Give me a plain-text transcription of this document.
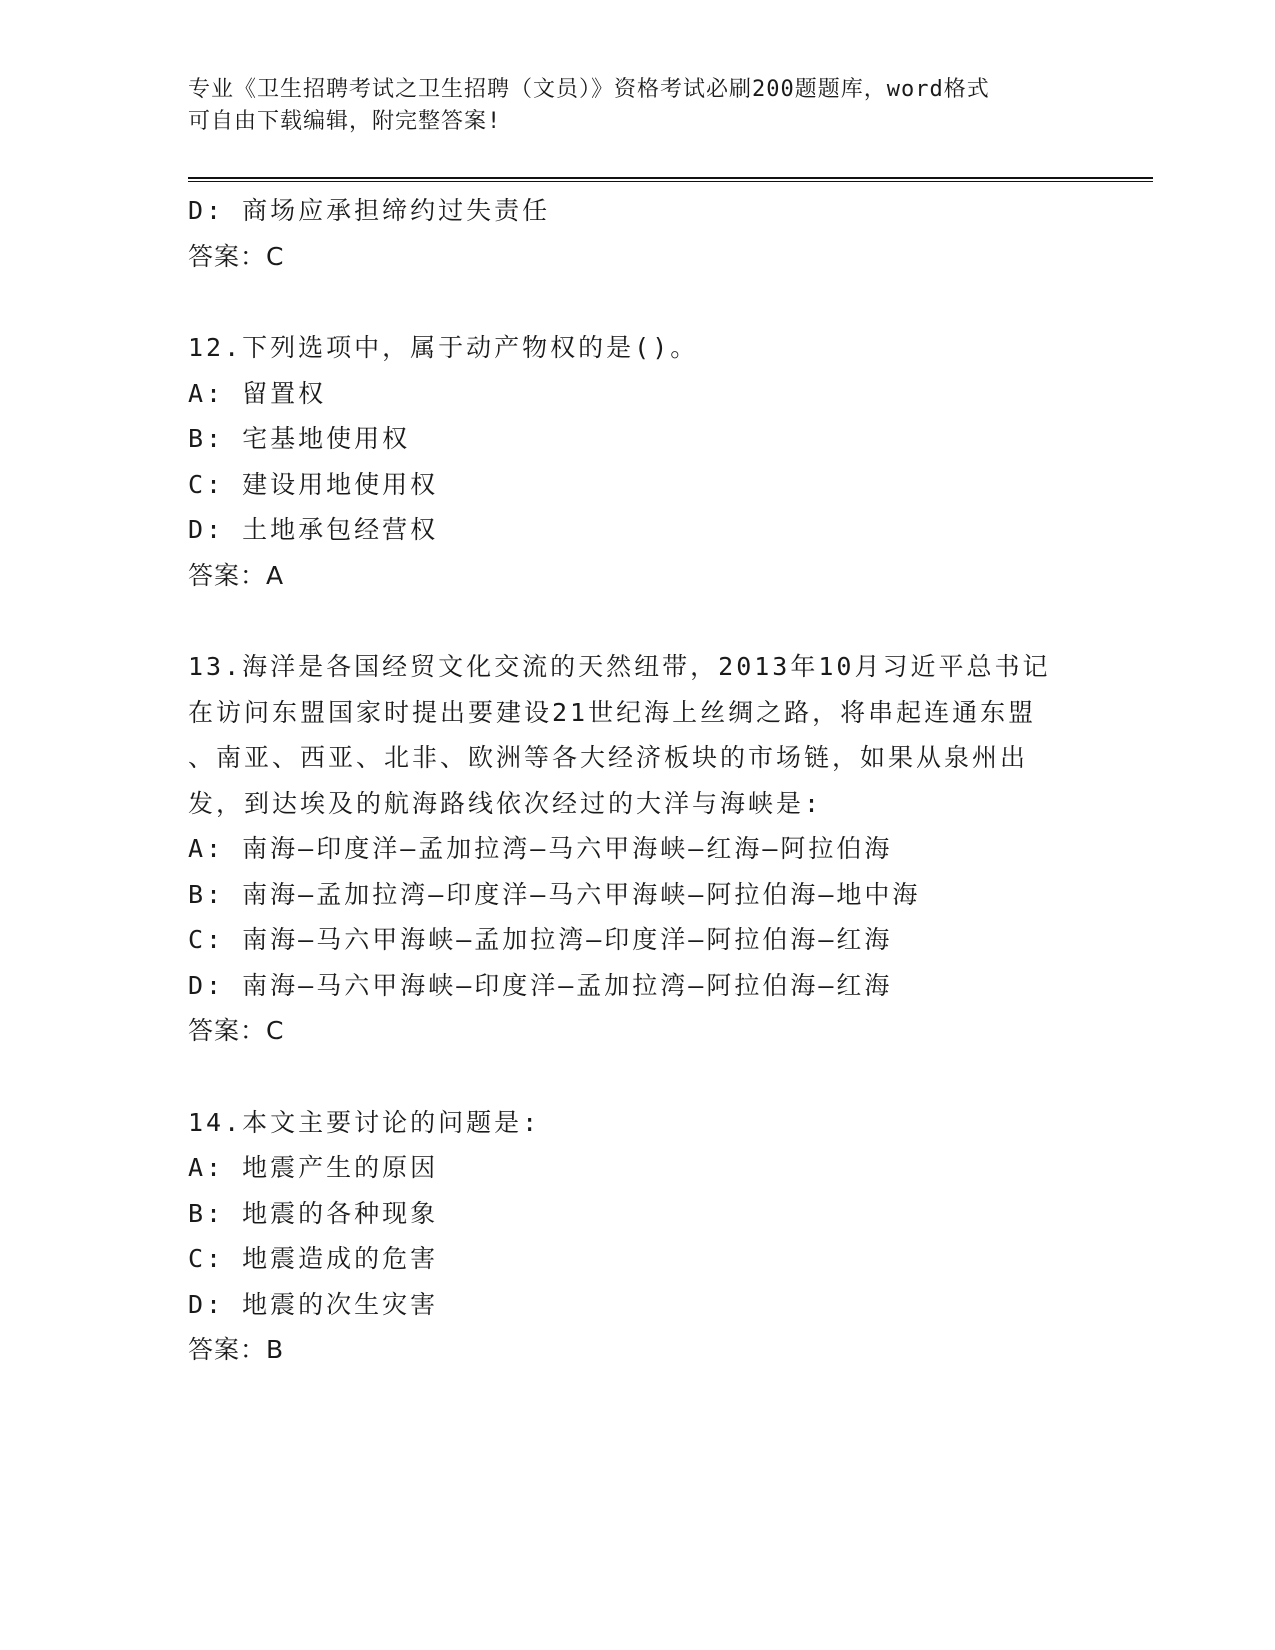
专业《卫生招聘考试之卫生招聘（文员）》资格考试必刷200题题库，word格式
可自由下载编辑，附完整答案!
D: 商场应承担缔约过失责任
答案：C
12.下列选项中，属于动产物权的是()。
A: 留置权
B: 宅基地使用权
C: 建设用地使用权
D: 土地承包经营权
答案：A
13.海洋是各国经贸文化交流的天然纽带，2013年10月习近平总书记
在访问东盟国家时提出要建设21世纪海上丝绸之路，将串起连通东盟
、南亚、西亚、北非、欧洲等各大经济板块的市场链，如果从泉州出
发，到达埃及的航海路线依次经过的大洋与海峡是:
A: 南海—印度洋—孟加拉湾—马六甲海峡—红海—阿拉伯海
B: 南海—孟加拉湾—印度洋—马六甲海峡—阿拉伯海—地中海
C: 南海—马六甲海峡—孟加拉湾—印度洋—阿拉伯海—红海
D: 南海—马六甲海峡—印度洋—孟加拉湾—阿拉伯海—红海
答案：C
14.本文主要讨论的问题是:
A: 地震产生的原因
B: 地震的各种现象
C: 地震造成的危害
D: 地震的次生灾害
答案：B
